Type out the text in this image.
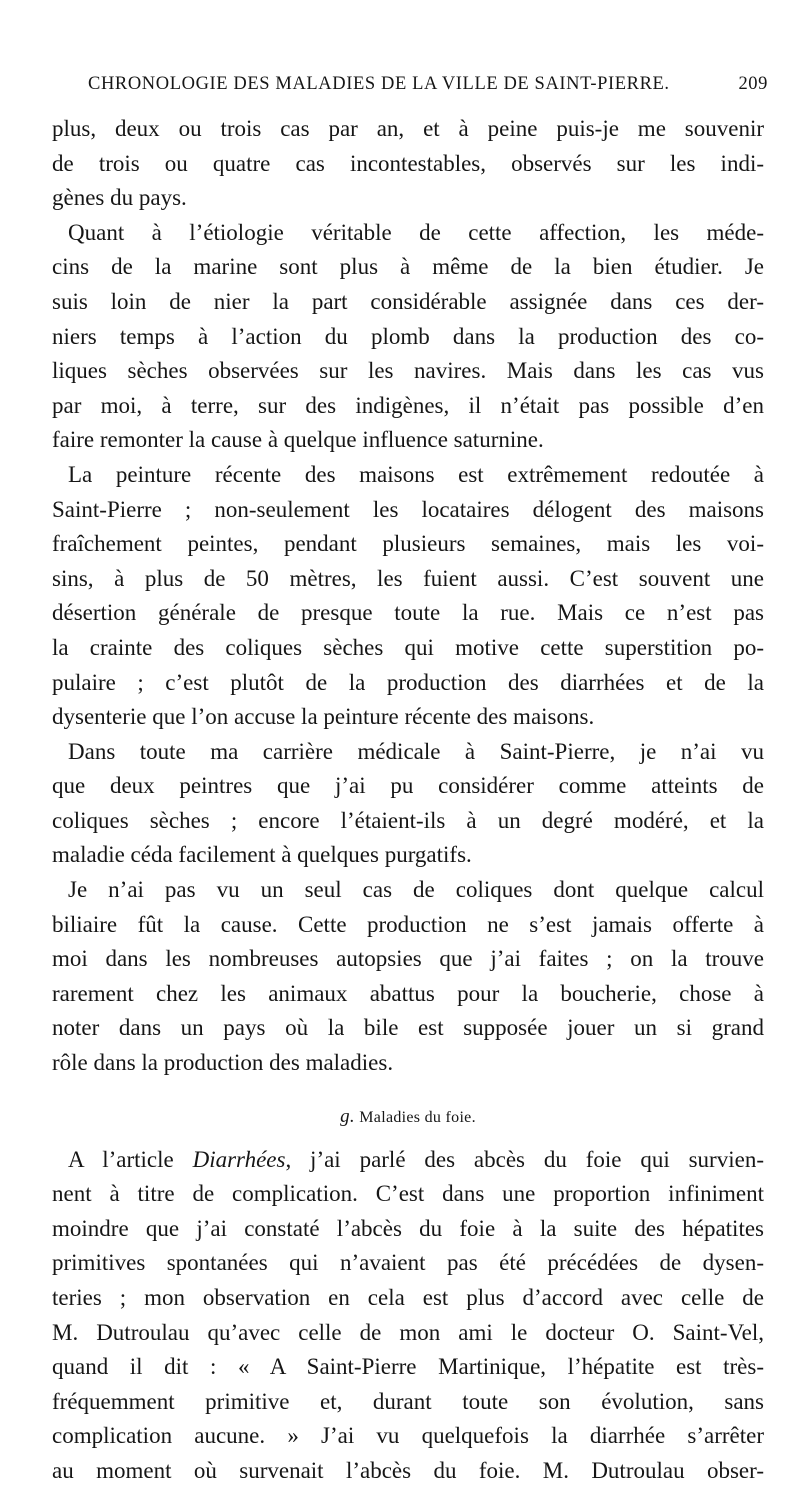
CHRONOLOGIE DES MALADIES DE LA VILLE DE SAINT-PIERRE.	209
plus, deux ou trois cas par an, et à peine puis-je me souvenir
de trois ou quatre cas incontestables, observés sur les indi-
gènes du pays.
Quant à l’étiologie véritable de cette affection, les méde-
cins de la marine sont plus à même de la bien étudier. Je
suis loin de nier la part considérable assignée dans ces der-
niers temps à l’action du plomb dans la production des co-
liques sèches observées sur les navires. Mais dans les cas vus
par moi, à terre, sur des indigènes, il n’était pas possible d’en
faire remonter la cause à quelque influence saturnine.
La peinture récente des maisons est extrêmement redoutée à
Saint-Pierre ; non-seulement les locataires délogent des maisons
fraîchement peintes, pendant plusieurs semaines, mais les voi-
sins, à plus de 50 mètres, les fuient aussi. C’est souvent une
désertion générale de presque toute la rue. Mais ce n’est pas
la crainte des coliques sèches qui motive cette superstition po-
pulaire ; c’est plutôt de la production des diarrhées et de la
dysenterie que l’on accuse la peinture récente des maisons.
Dans toute ma carrière médicale à Saint-Pierre, je n’ai vu
que deux peintres que j’ai pu considérer comme atteints de
coliques sèches ; encore l’étaient-ils à un degré modéré, et la
maladie céda facilement à quelques purgatifs.
Je n’ai pas vu un seul cas de coliques dont quelque calcul
biliaire fût la cause. Cette production ne s’est jamais offerte à
moi dans les nombreuses autopsies que j’ai faites ; on la trouve
rarement chez les animaux abattus pour la boucherie, chose à
noter dans un pays où la bile est supposée jouer un si grand
rôle dans la production des maladies.
g. Maladies du foie.
A l’article Diarrhées, j’ai parlé des abcès du foie qui survien-
nent à titre de complication. C’est dans une proportion infiniment
moindre que j’ai constaté l’abcès du foie à la suite des hépatites
primitives spontanées qui n’avaient pas été précédées de dysen-
teries ; mon observation en cela est plus d’accord avec celle de
M. Dutroulau qu’avec celle de mon ami le docteur O. Saint-Vel,
quand il dit : « A Saint-Pierre Martinique, l’hépatite est très-
fréquemment primitive et, durant toute son évolution, sans
complication aucune. » J’ai vu quelquefois la diarrhée s’arrêter
au moment où survenait l’abcès du foie. M. Dutroulau obser-
